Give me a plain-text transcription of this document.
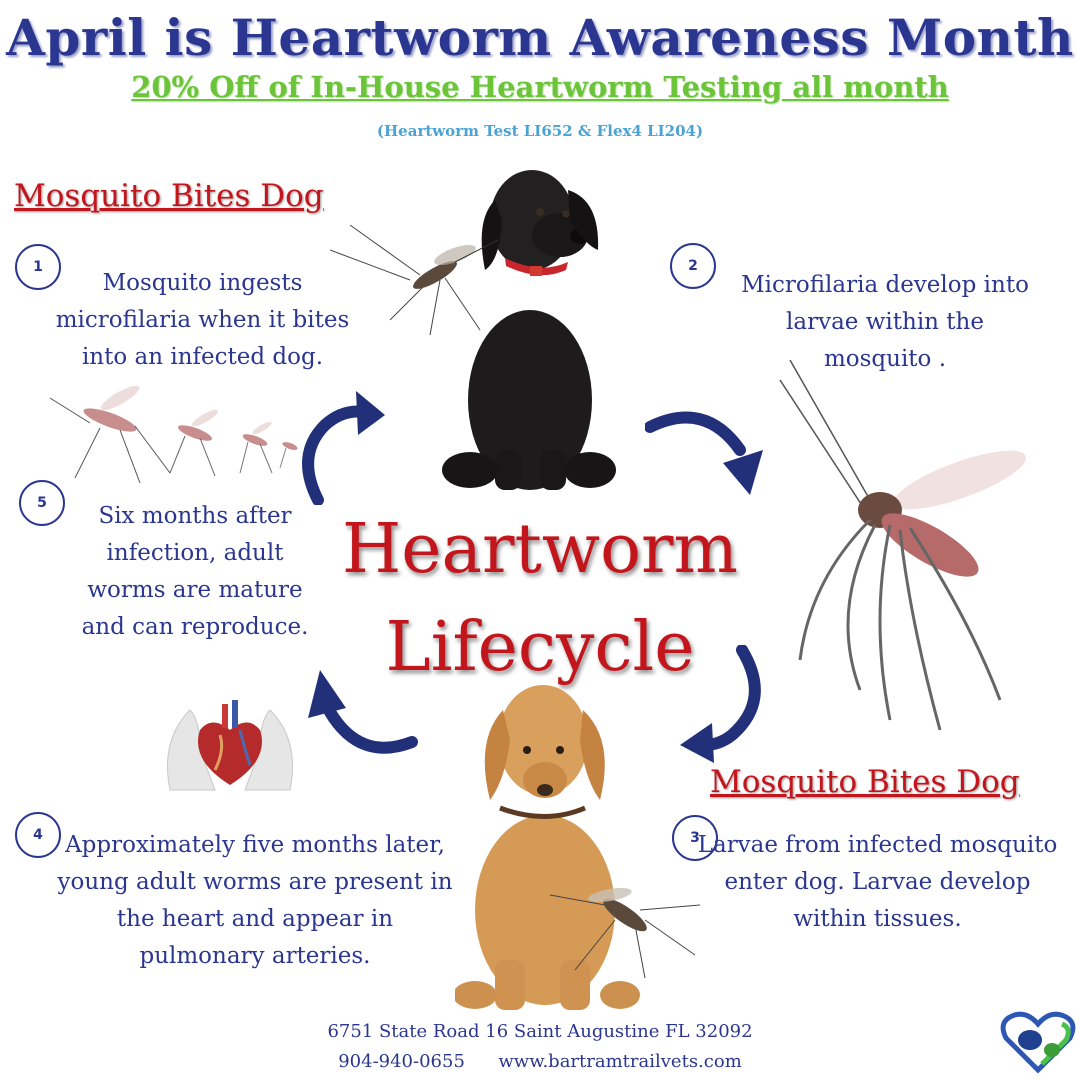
April is Heartworm Awareness Month
20% Off of In-House Heartworm Testing all month
(Heartworm Test LI652 & Flex4 LI204)
Mosquito Bites Dog
Mosquito Bites Dog
1	2
3
4
5
Mosquito ingests microfilaria when it bites into an infected dog.
Microfilaria develop into larvae within the mosquito .
Larvae from infected mosquito enter dog. Larvae develop within tissues.
Approximately five months later, young adult worms are present in the heart and appear in pulmonary arteries.
Six months after infection, adult worms are mature and can reproduce.
Heartworm
Lifecycle
6751 State Road 16 Saint Augustine FL 32092
904-940-0655 www.bartramtrailvets.com
